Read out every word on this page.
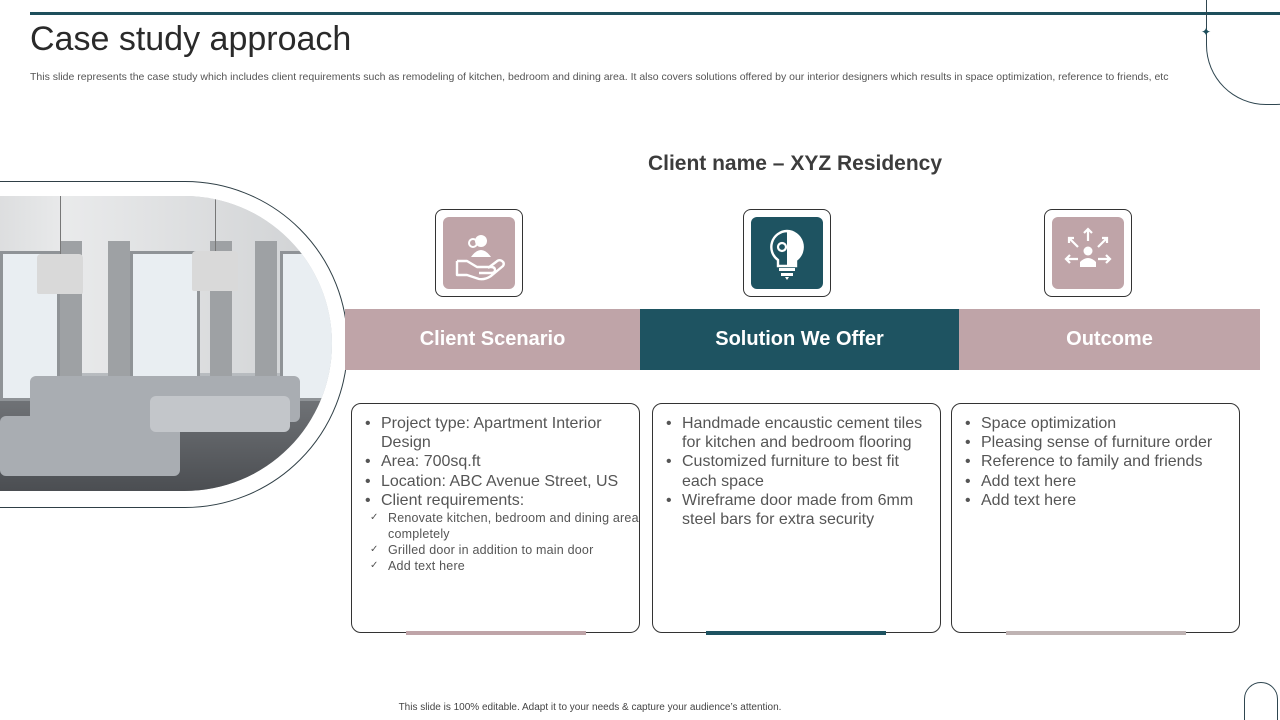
✦
Case study approach

This slide represents the case study which includes client requirements such as remodeling of kitchen, bedroom and dining area. It also covers solutions offered by our interior designers which results in space optimization, reference to friends, etc

Client name – XYZ Residency
Client Scenario	Solution We Offer	Outcome
• Project type: Apartment Interior Design
• Area: 700sq.ft
• Location: ABC Avenue Street, US
• Client requirements:
✓ Renovate kitchen, bedroom and dining area completely
✓ Grilled door in addition to main door
✓ Add text here
• Handmade encaustic cement tiles for kitchen and bedroom flooring
• Customized furniture to best fit each space
• Wireframe door made from 6mm steel bars for extra security
• Space optimization
• Pleasing sense of furniture order
• Reference to family and friends
• Add text here
• Add text here
This slide is 100% editable. Adapt it to your needs & capture your audience’s attention.
